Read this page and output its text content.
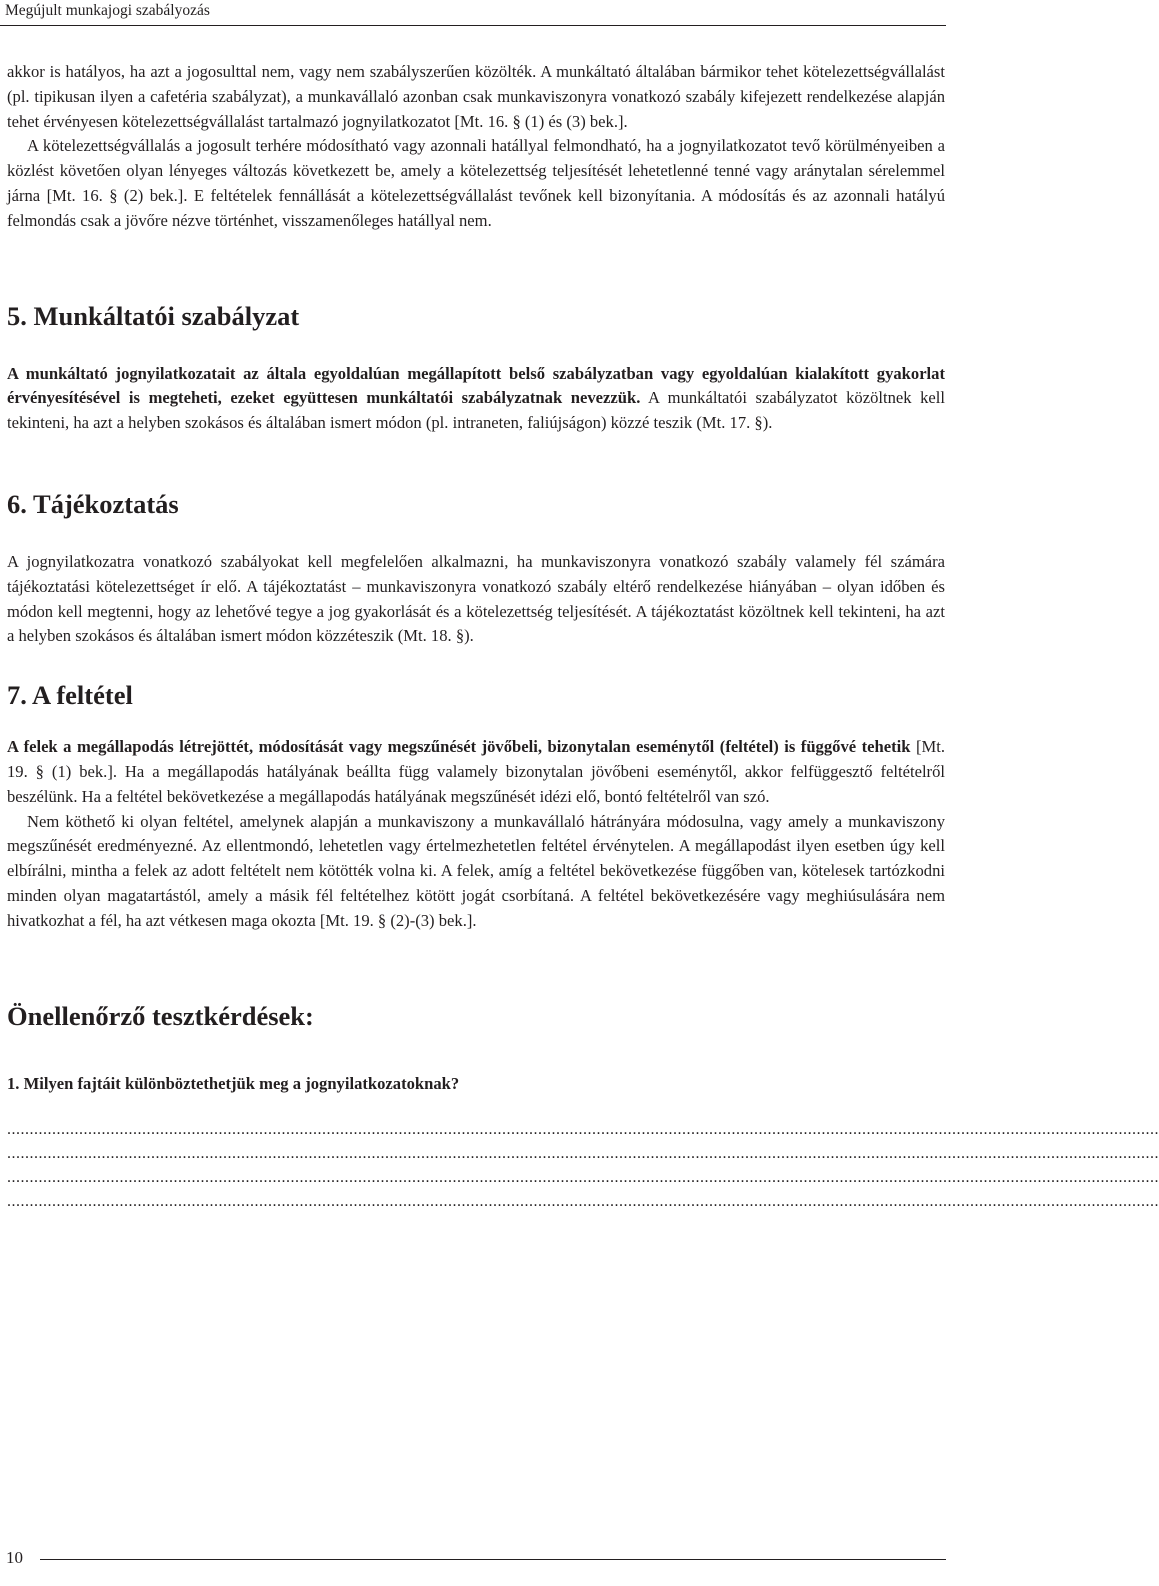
Megújult munkajogi szabályozás

akkor is hatályos, ha azt a jogosulttal nem, vagy nem szabályszerűen közölték. A munkáltató általában bármikor tehet kötelezettségvállalást (pl. tipikusan ilyen a cafetéria szabályzat), a munkavállaló azonban csak munkaviszonyra vonatkozó szabály kifejezett rendelkezése alapján tehet érvényesen kötelezettségvállalást tartalmazó jognyilatkozatot [Mt. 16. § (1) és (3) bek.].

A kötelezettségvállalás a jogosult terhére módosítható vagy azonnali hatállyal felmondható, ha a jognyilatkozatot tevő körülményeiben a közlést követően olyan lényeges változás következett be, amely a kötelezettség teljesítését lehetetlenné tenné vagy aránytalan sérelemmel járna [Mt. 16. § (2) bek.]. E feltételek fennállását a kötelezettségvállalást tevőnek kell bizonyítania. A módosítás és az azonnali hatályú felmondás csak a jövőre nézve történhet, visszamenőleges hatállyal nem.

5. Munkáltatói szabályzat

A munkáltató jognyilatkozatait az általa egyoldalúan megállapított belső szabályzatban vagy egyoldalúan kialakított gyakorlat érvényesítésével is megteheti, ezeket együttesen munkáltatói szabályzatnak nevezzük. A munkáltatói szabályzatot közöltnek kell tekinteni, ha azt a helyben szokásos és általában ismert módon (pl. intraneten, faliújságon) közzé teszik (Mt. 17. §).

6. Tájékoztatás

A jognyilatkozatra vonatkozó szabályokat kell megfelelően alkalmazni, ha munkaviszonyra vonatkozó szabály valamely fél számára tájékoztatási kötelezettséget ír elő. A tájékoztatást – munkaviszonyra vonatkozó szabály eltérő rendelkezése hiányában – olyan időben és módon kell megtenni, hogy az lehetővé tegye a jog gyakorlását és a kötelezettség teljesítését. A tájékoztatást közöltnek kell tekinteni, ha azt a helyben szokásos és általában ismert módon közzéteszik (Mt. 18. §).

7. A feltétel

A felek a megállapodás létrejöttét, módosítását vagy megszűnését jövőbeli, bizonytalan eseménytől (feltétel) is függővé tehetik [Mt. 19. § (1) bek.]. Ha a megállapodás hatályának beállta függ valamely bizonytalan jövőbeni eseménytől, akkor felfüggesztő feltételről beszélünk. Ha a feltétel bekövetkezése a megállapodás hatályának megszűnését idézi elő, bontó feltételről van szó.

Nem köthető ki olyan feltétel, amelynek alapján a munkaviszony a munkavállaló hátrányára módosulna, vagy amely a munkaviszony megszűnését eredményezné. Az ellentmondó, lehetetlen vagy értelmezhetetlen feltétel érvénytelen. A megállapodást ilyen esetben úgy kell elbírálni, mintha a felek az adott feltételt nem kötötték volna ki. A felek, amíg a feltétel bekövetkezése függőben van, kötelesek tartózkodni minden olyan magatartástól, amely a másik fél feltételhez kötött jogát csorbítaná. A feltétel bekövetkezésére vagy meghiúsulására nem hivatkozhat a fél, ha azt vétkesen maga okozta [Mt. 19. § (2)-(3) bek.].

Önellenőrző tesztkérdések:

1. Milyen fajtáit különböztethetjük meg a jognyilatkozatoknak?

................................................................................................................................................................................................................................................................
................................................................................................................................................................................................................................................................
................................................................................................................................................................................................................................................................
................................................................................................................................................................................................................................................................
10
